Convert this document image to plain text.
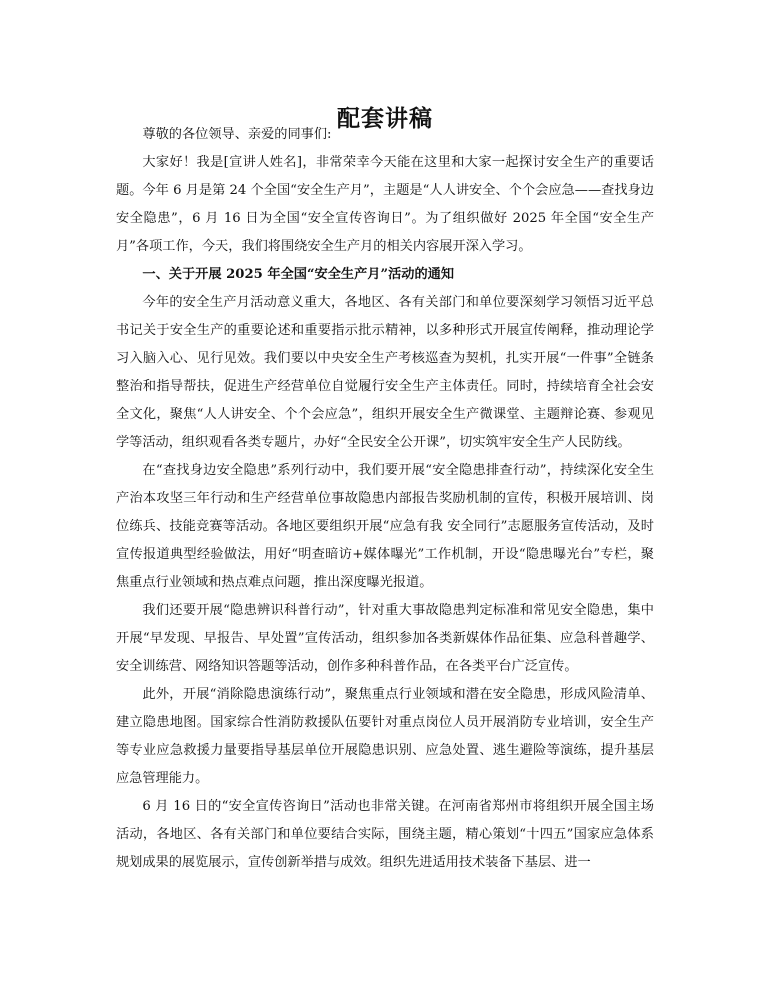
配套讲稿

尊敬的各位领导、亲爱的同事们:

大家好！我是[宣讲人姓名]，非常荣幸今天能在这里和大家一起探讨安全生产的重要话题。今年 6 月是第 24 个全国“安全生产月”，主题是“人人讲安全、个个会应急——查找身边安全隐患”，6 月 16 日为全国“安全宣传咨询日”。为了组织做好 2025 年全国“安全生产月”各项工作，今天，我们将围绕安全生产月的相关内容展开深入学习。

一、关于开展 2025 年全国“安全生产月”活动的通知

今年的安全生产月活动意义重大，各地区、各有关部门和单位要深刻学习领悟习近平总书记关于安全生产的重要论述和重要指示批示精神，以多种形式开展宣传阐释，推动理论学习入脑入心、见行见效。我们要以中央安全生产考核巡查为契机，扎实开展“一件事”全链条整治和指导帮扶，促进生产经营单位自觉履行安全生产主体责任。同时，持续培育全社会安全文化，聚焦“人人讲安全、个个会应急”，组织开展安全生产微课堂、主题辩论赛、参观见学等活动，组织观看各类专题片，办好“全民安全公开课”，切实筑牢安全生产人民防线。

在“查找身边安全隐患”系列行动中，我们要开展“安全隐患排查行动”，持续深化安全生产治本攻坚三年行动和生产经营单位事故隐患内部报告奖励机制的宣传，积极开展培训、岗位练兵、技能竞赛等活动。各地区要组织开展“应急有我 安全同行”志愿服务宣传活动，及时宣传报道典型经验做法，用好“明查暗访+媒体曝光”工作机制，开设“隐患曝光台”专栏，聚焦重点行业领域和热点难点问题，推出深度曝光报道。

我们还要开展“隐患辨识科普行动”，针对重大事故隐患判定标准和常见安全隐患，集中开展“早发现、早报告、早处置”宣传活动，组织参加各类新媒体作品征集、应急科普趣学、安全训练营、网络知识答题等活动，创作多种科普作品，在各类平台广泛宣传。

此外，开展“消除隐患演练行动”，聚焦重点行业领域和潜在安全隐患，形成风险清单、建立隐患地图。国家综合性消防救援队伍要针对重点岗位人员开展消防专业培训，安全生产等专业应急救援力量要指导基层单位开展隐患识别、应急处置、逃生避险等演练，提升基层应急管理能力。

6 月 16 日的“安全宣传咨询日”活动也非常关键。在河南省郑州市将组织开展全国主场活动，各地区、各有关部门和单位要结合实际，围绕主题，精心策划“十四五”国家应急体系规划成果的展览展示，宣传创新举措与成效。组织先进适用技术装备下基层、进一
